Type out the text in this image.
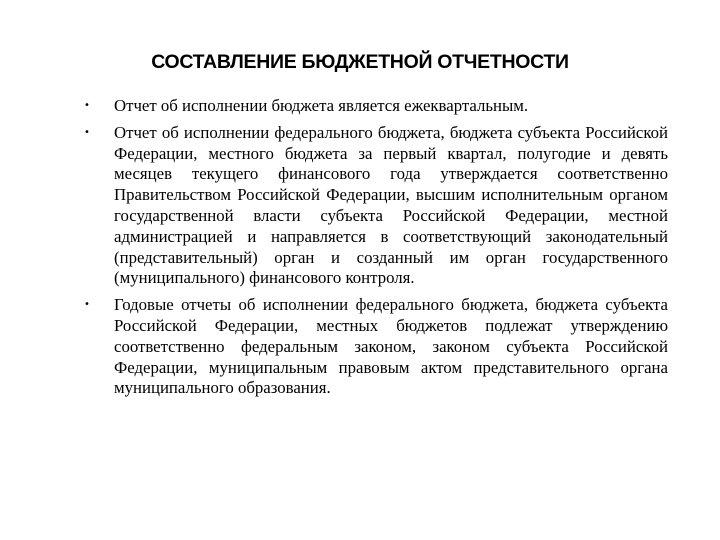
СОСТАВЛЕНИЕ БЮДЖЕТНОЙ ОТЧЕТНОСТИ
• Отчет об исполнении бюджета является ежеквартальным.
• Отчет об исполнении федерального бюджета, бюджета субъекта Российской Федерации, местного бюджета за первый квартал, полугодие и девять месяцев текущего финансового года утверждается соответственно Правительством Российской Федерации, высшим исполнительным органом государственной власти субъекта Российской Федерации, местной администрацией и направляется в соответствующий законодательный (представительный) орган и созданный им орган государственного (муниципального) финансового контроля.
• Годовые отчеты об исполнении федерального бюджета, бюджета субъекта Российской Федерации, местных бюджетов подлежат утверждению соответственно федеральным законом, законом субъекта Российской Федерации, муниципальным правовым актом представительного органа муниципального образования.
